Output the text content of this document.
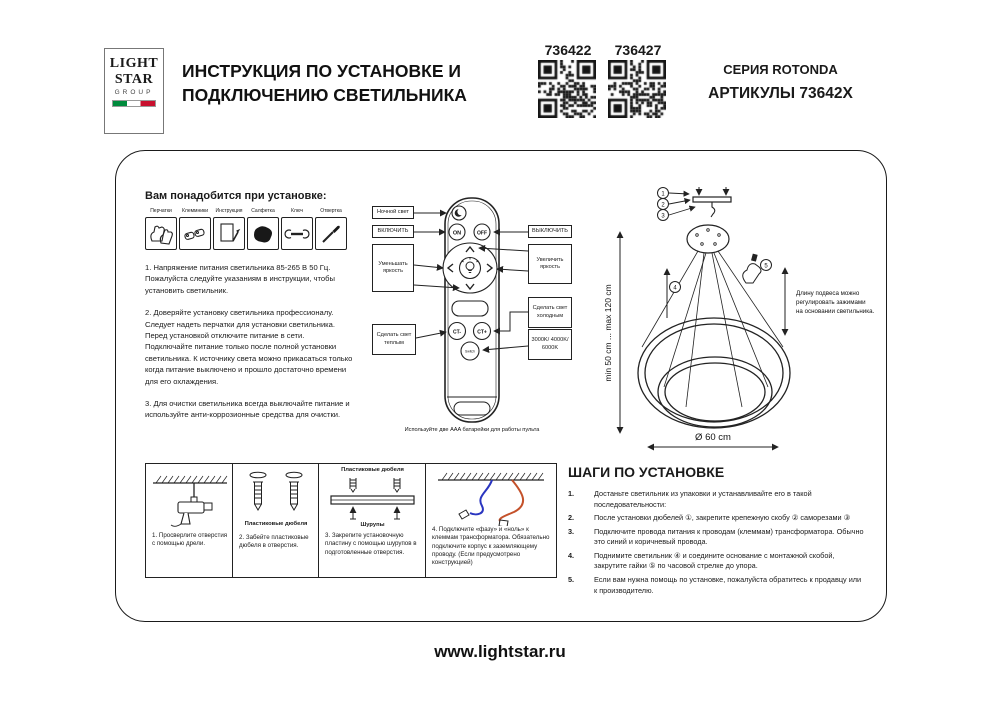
LIGHT
STAR
GROUP
ИНСТРУКЦИЯ ПО УСТАНОВКЕ И
ПОДКЛЮЧЕНИЮ СВЕТИЛЬНИКА
736422	736427
СЕРИЯ ROTONDA
АРТИКУЛЫ 73642X
Вам понадобится при установке:
Перчатки	Клеммники	Инструкция	Салфетка	Ключ	Отвертка

1. Напряжение питания светильника 85-265 В 50 Гц. Пожалуйста следуйте указаниям в инструкции, чтобы установить светильник.

2. Доверяйте установку светильника профессионалу. Следует надеть перчатки для установки светильника. Перед установкой отключите питание в сети. Подключайте питание только после полной установки светильника. К источнику света можно прикасаться только когда питание выключено и прошло достаточно времени для его охлаждения.

3. Для очистки светильника всегда выключайте питание и используйте анти-коррозионные средства для очистки.

ON	OFF
CT-	CT+
Switch
Используйте две AAA батарейки для работы пульта
Ночной свет
ВКЛЮЧИТЬ	ВЫКЛЮЧИТЬ
Уменьшать яркость
Увеличить яркость
Сделать свет теплым
Сделать свет холодным
3000K/ 4000K/ 6000K
1
2
3
4
5
Длину подвеса можно
регулировать зажимами
на основании светильника.
min 50 cm ... max 120 cm
Ø 60 cm
1. Просверлите отверстия с помощью дрели.
Пластиковые дюбеля
2. Забейте пластиковые дюбеля в отверстия.
Пластиковые дюбеля
Шурупы
3. Закрепите установочную пластину с помощью шурупов в подготовленные отверстия.
4. Подключите «фазу» и «ноль» к клеммам трансформатора. Обязательно подключите корпус к заземляющему проводу. (Если предусмотрено конструкцией)
ШАГИ ПО УСТАНОВКЕ
1.	Достаньте светильник из упаковки и устанавливайте его в такой последовательности:
2.	После установки дюбелей ①, закрепите крепежную скобу ② саморезами ③
3.	Подключите провода питания к проводам (клеммам) трансформатора. Обычно это синий и коричневый провода.
4.	Поднимите светильник ④ и соедините основание с монтажной скобой, закрутите гайки ⑤ по часовой стрелке до упора.
5.	Если вам нужна помощь по установке, пожалуйста обратитесь к продавцу или к производителю.
www.lightstar.ru
